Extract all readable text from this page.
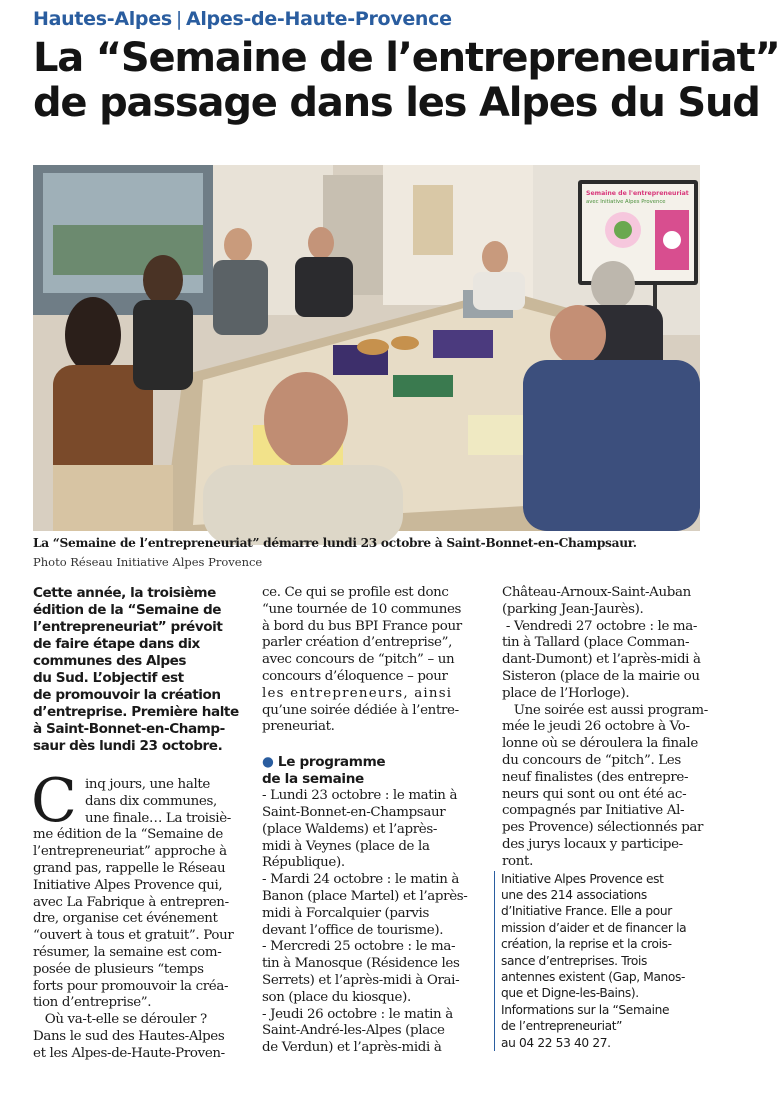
Hautes-Alpes | Alpes-de-Haute-Provence
La “Semaine de l’entrepreneuriat”
de passage dans les Alpes du Sud
Semaine de l'entrepreneuriat
avec Initiative Alpes Provence
La “Semaine de l’entrepreneuriat” démarre lundi 23 octobre à Saint-Bonnet-en-Champsaur.
Photo Réseau Initiative Alpes Provence
Cette année, la troisième
édition de la “Semaine de
l’entrepreneuriat” prévoit
de faire étape dans dix
communes des Alpes
du Sud. L’objectif est
de promouvoir la création
d’entreprise. Première halte
à Saint-Bonnet-en-Champ-
saur dès lundi 23 octobre.
C inq jours, une halte
dans dix communes,
une finale… La troisiè-
me édition de la “Semaine de
l’entrepreneuriat” approche à
grand pas, rappelle le Réseau
Initiative Alpes Provence qui,
avec La Fabrique à entrepren-
dre, organise cet événement
“ouvert à tous et gratuit”. Pour
résumer, la semaine est com-
posée de plusieurs “temps
forts pour promouvoir la créa-
tion d’entreprise”.
Où va-t-elle se dérouler ?
Dans le sud des Hautes-Alpes
et les Alpes-de-Haute-Proven-
ce. Ce qui se profile est donc
“une tournée de 10 communes
à bord du bus BPI France pour
parler création d’entreprise”,
avec concours de “pitch” – un
concours d’éloquence – pour
les entrepreneurs, ainsi
qu’une soirée dédiée à l’entre-
preneuriat.
● Le programme
de la semaine
- Lundi 23 octobre : le matin à
Saint-Bonnet-en-Champsaur
(place Waldems) et l’après-
midi à Veynes (place de la
République).
- Mardi 24 octobre : le matin à
Banon (place Martel) et l’après-
midi à Forcalquier (parvis
devant l’office de tourisme).
- Mercredi 25 octobre : le ma-
tin à Manosque (Résidence les
Serrets) et l’après-midi à Orai-
son (place du kiosque).
- Jeudi 26 octobre : le matin à
Saint-André-les-Alpes (place
de Verdun) et l’après-midi à
Château-Arnoux-Saint-Auban
(parking Jean-Jaurès).
- Vendredi 27 octobre : le ma-
tin à Tallard (place Comman-
dant-Dumont) et l’après-midi à
Sisteron (place de la mairie ou
place de l’Horloge).
Une soirée est aussi program-
mée le jeudi 26 octobre à Vo-
lonne où se déroulera la finale
du concours de “pitch”. Les
neuf finalistes (des entrepre-
neurs qui sont ou ont été ac-
compagnés par Initiative Al-
pes Provence) sélectionnés par
des jurys locaux y participe-
ront.
Initiative Alpes Provence est
une des 214 associations
d’Initiative France. Elle a pour
mission d’aider et de financer la
création, la reprise et la crois-
sance d’entreprises. Trois
antennes existent (Gap, Manos-
que et Digne-les-Bains).
Informations sur la “Semaine
de l’entrepreneuriat”
au 04 22 53 40 27.
